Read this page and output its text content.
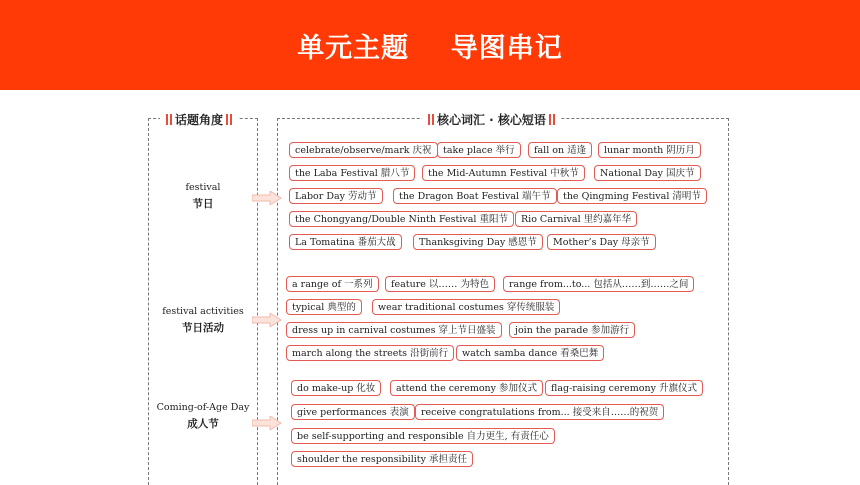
单元主题    导图串记
话题角度	核心词汇 · 核心短语
festival
节日
celebrate/observe/mark 庆祝	take place 举行	fall on 适逢	lunar month 阴历月
the Laba Festival 腊八节	the Mid-Autumn Festival 中秋节	National Day 国庆节
Labor Day 劳动节	the Dragon Boat Festival 端午节	the Qingming Festival 清明节
the Chongyang/Double Ninth Festival 重阳节	Rio Carnival 里约嘉年华
La Tomatina 番茄大战	Thanksgiving Day 感恩节	Mother’s Day 母亲节
festival activities
节日活动
a range of 一系列	feature 以…… 为特色	range from...to... 包括从……到……之间
typical 典型的	wear traditional costumes 穿传统服装
dress up in carnival costumes 穿上节日盛装	join the parade 参加游行
march along the streets 沿街前行	watch samba dance 看桑巴舞
Coming-of-Age Day
成人节
do make-up 化妆	attend the ceremony 参加仪式	flag-raising ceremony 升旗仪式
give performances 表演	receive congratulations from... 接受来自……的祝贺
be self-supporting and responsible 自力更生, 有责任心
shoulder the responsibility 承担责任
